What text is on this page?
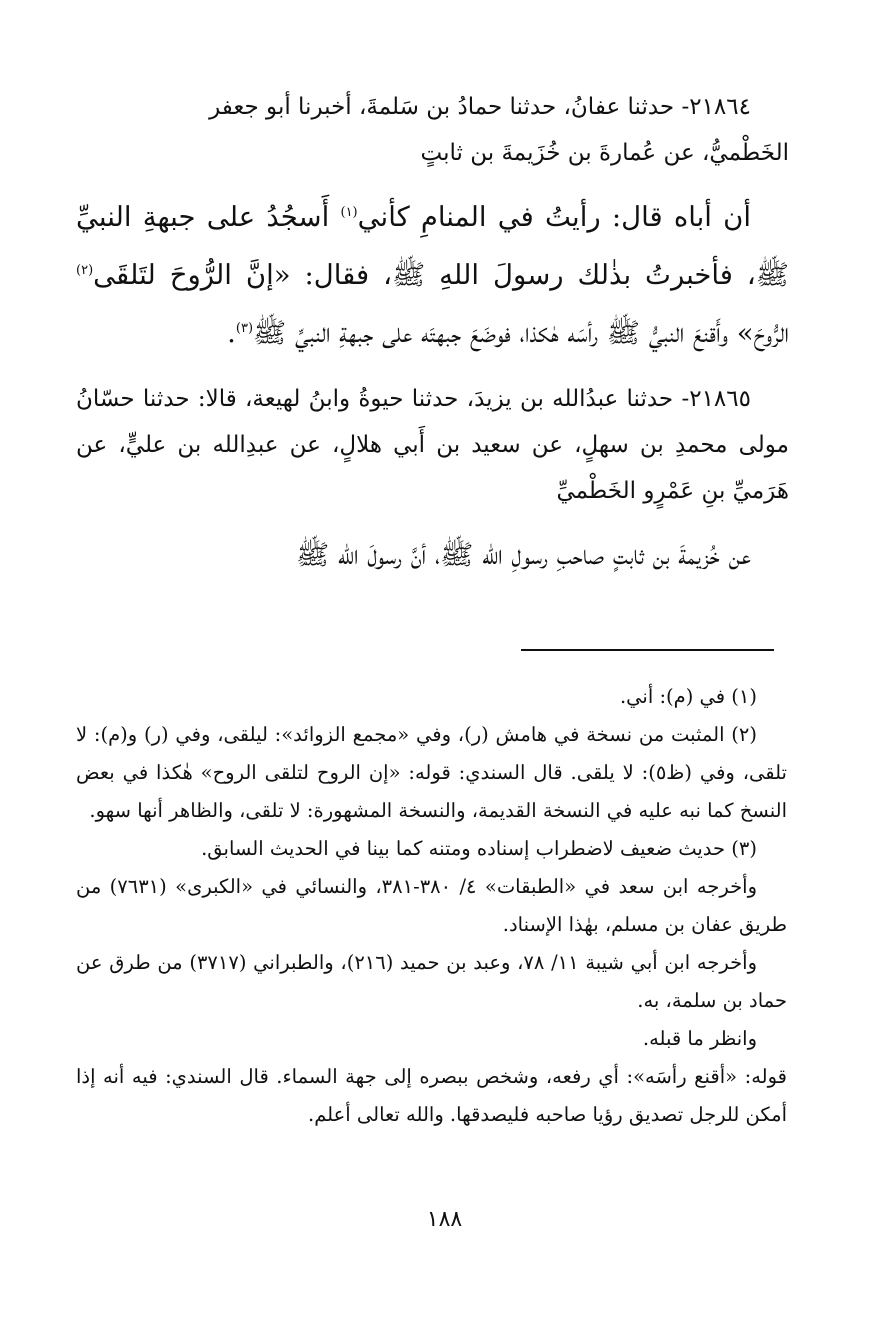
٢١٨٦٤- حدثنا عفانُ، حدثنا حمادُ بن سَلمةَ، أخبرنا أبو جعفر

الخَطْميُّ، عن عُمارةَ بن خُزَيمةَ بن ثابتٍ

أن أباه قال: رأيتُ في المنامِ كأني$^{(١)}$ أَسجُدُ على جبهةِ النبيِّ ﷺ، فأخبرتُ بذٰلك رسولَ اللهِ ﷺ، فقال: «إنَّ الرُّوحَ لتَلقَى$^{(٢)}$ الرُّوحَ» وأَقنعَ النبيُّ ﷺ رأسَه هٰكذا، فوضَعَ جبهتَه على جبهةِ النبيِّ ﷺ$^{(٣)}$.

٢١٨٦٥- حدثنا عبدُالله بن يزيدَ، حدثنا حيوةُ وابنُ لهيعة، قالا: حدثنا حسّانُ مولى محمدِ بن سهلٍ، عن سعيد بن أَبي هلالٍ، عن عبدِالله بن عليٍّ، عن هَرَميِّ بنِ عَمْرٍو الخَطْميِّ

عن خُزيمةَ بن ثابتٍ صاحبِ رسولِ الله ﷺ، أنَّ رسولَ الله ﷺ

(١) في (م): أني.

(٢) المثبت من نسخة في هامش (ر)، وفي «مجمع الزوائد»: ليلقى، وفي (ر) و(م): لا تلقى، وفي (ظ٥): لا يلقى. قال السندي: قوله: «إن الروح لتلقى الروح» هٰكذا في بعض النسخ كما نبه عليه في النسخة القديمة، والنسخة المشهورة: لا تلقى، والظاهر أنها سهو.

(٣) حديث ضعيف لاضطراب إسناده ومتنه كما بينا في الحديث السابق.

وأخرجه ابن سعد في «الطبقات» ٤/ ٣٨٠-٣٨١، والنسائي في «الكبرى» (٧٦٣١) من طريق عفان بن مسلم، بهٰذا الإسناد.

وأخرجه ابن أبي شيبة ١١/ ٧٨، وعبد بن حميد (٢١٦)، والطبراني (٣٧١٧) من طرق عن حماد بن سلمة، به.

وانظر ما قبله.

قوله: «أقنع رأسَه»: أي رفعه، وشخص ببصره إلى جهة السماء. قال السندي: فيه أنه إذا أمكن للرجل تصديق رؤيا صاحبه فليصدقها. والله تعالى أعلم.

١٨٨
